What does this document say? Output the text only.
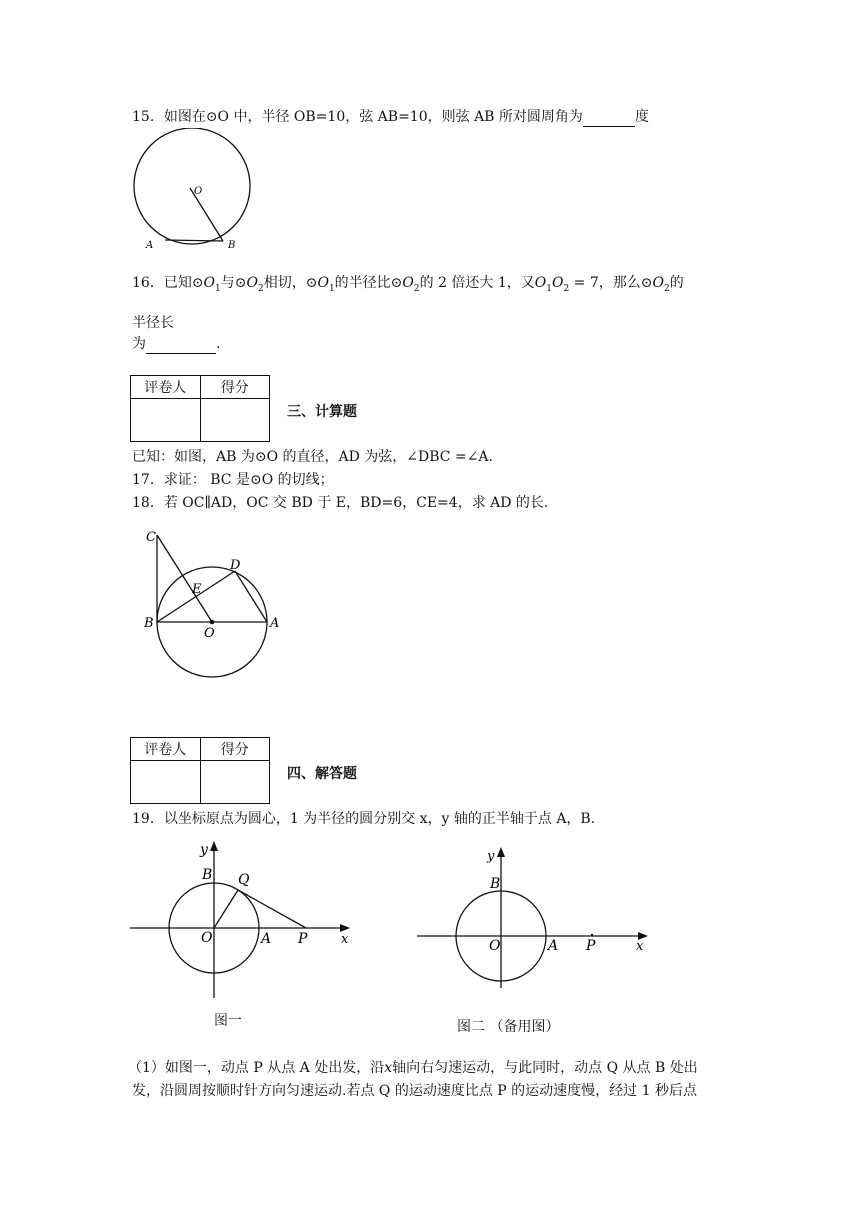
15．如图在⊙O 中，半径 OB=10，弦 AB=10，则弦 AB 所对圆周角为	度
O
A	B
16．已知$⊙O_1$与$⊙O_2$相切，$⊙O_1$的半径比$⊙O_2$的 2 倍还大 1，又$O_1O_2 = 7$，那么$⊙O_2$的
半径长
为	.
评卷人	得分

三、计算题
已知：如图，AB 为⊙O 的直径，AD 为弦，∠DBC =∠A.
17．求证： BC 是⊙O 的切线；
18．若 OC∥AD，OC 交 BD 于 E，BD=6，CE=4，求 AD 的长.
C
D
E
B
O
A
评卷人	得分

四、解答题
19．以坐标原点为圆心，1 为半径的圆分别交 x，y 轴的正半轴于点 A，B.
y
x
B Q
O	A P
图一
y
x
B
O	A P
图二 （备用图）
（1）如图一，动点 P 从点 A 处出发，沿x轴向右匀速运动，与此同时，动点 Q 从点 B 处出
发，沿圆周按顺时针方向匀速运动.若点 Q 的运动速度比点 P 的运动速度慢，经过 1 秒后点
